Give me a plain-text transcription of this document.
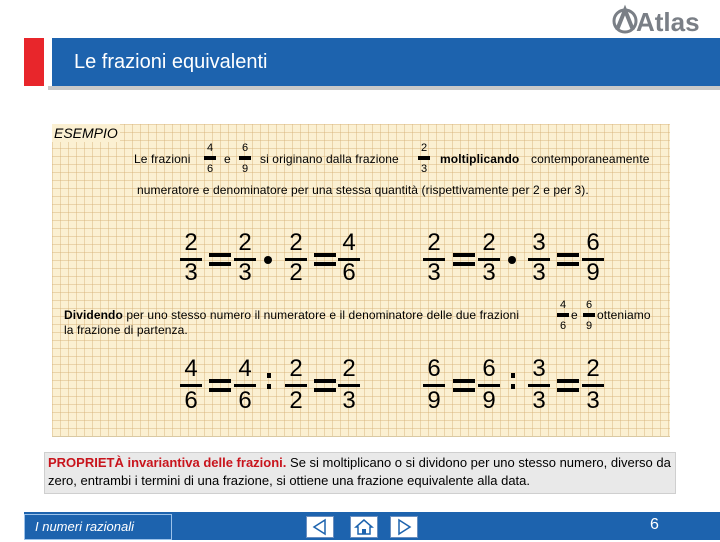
Atlas
Le frazioni equivalenti
ESEMPIO
Le frazioni
4
6
e
6
9
si originano dalla frazione
2
3
moltiplicando contemporaneamente
numeratore e denominatore per una stessa quantità (rispettivamente per 2 e per 3).
2
3
2
3
2
2
4
6
2
3
2
3
3
3
6
9
Dividendo per uno stesso numero il numeratore e il denominatore delle due frazioni
4
6
e
6
9
otteniamo
la frazione di partenza.
4
6
4
6
2
2
2
3
6
9
6
9
3
3
2
3
PROPRIETÀ invariantiva delle frazioni. Se si moltiplicano o si dividono per uno stesso numero, diverso da zero, entrambi i termini di una frazione, si ottiene una frazione equivalente alla data.
I numeri razionali	6
